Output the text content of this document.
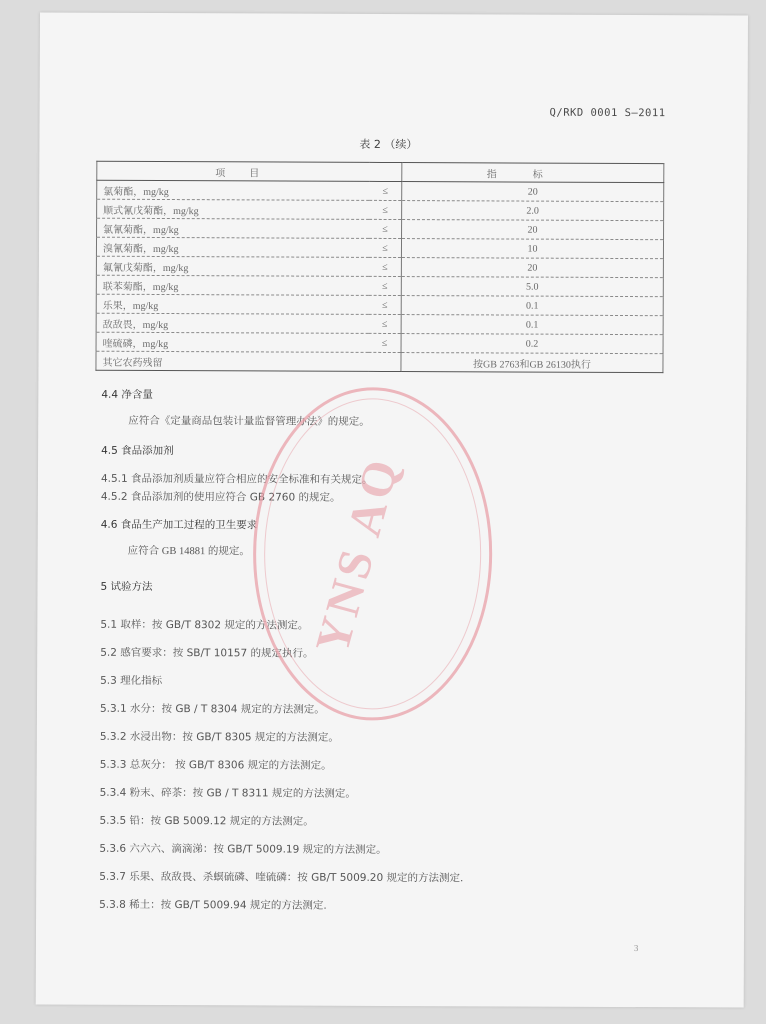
Q/RKD 0001 S—2011
表 2 （续）
项目		指标
氯菊酯，mg/kg	≤	20
顺式氰戊菊酯，mg/kg	≤	2.0
氯氰菊酯，mg/kg	≤	20
溴氰菊酯，mg/kg	≤	10
氟氰戊菊酯，mg/kg	≤	20
联苯菊酯，mg/kg	≤	5.0
乐果，mg/kg	≤	0.1
敌敌畏，mg/kg	≤	0.1
喹硫磷，mg/kg	≤	0.2
其它农药残留		按GB 2763和GB 26130执行
4.4 净含量
应符合《定量商品包装计量监督管理办法》的规定。
4.5 食品添加剂
4.5.1 食品添加剂质量应符合相应的安全标准和有关规定。
4.5.2 食品添加剂的使用应符合 GB 2760 的规定。
4.6 食品生产加工过程的卫生要求
应符合 GB 14881 的规定。
5 试验方法
5.1 取样：按 GB/T 8302 规定的方法测定。
5.2 感官要求：按 SB/T 10157 的规定执行。
5.3 理化指标
5.3.1 水分：按 GB / T 8304 规定的方法测定。
5.3.2 水浸出物：按 GB/T 8305 规定的方法测定。
5.3.3 总灰分： 按 GB/T 8306 规定的方法测定。
5.3.4 粉末、碎茶：按 GB / T 8311 规定的方法测定。
5.3.5 铅：按 GB 5009.12 规定的方法测定。
5.3.6 六六六、滴滴涕：按 GB/T 5009.19 规定的方法测定。
5.3.7 乐果、敌敌畏、杀螟硫磷、喹硫磷：按 GB/T 5009.20 规定的方法测定.
5.3.8 稀土：按 GB/T 5009.94 规定的方法测定.
YNS AQ
3
